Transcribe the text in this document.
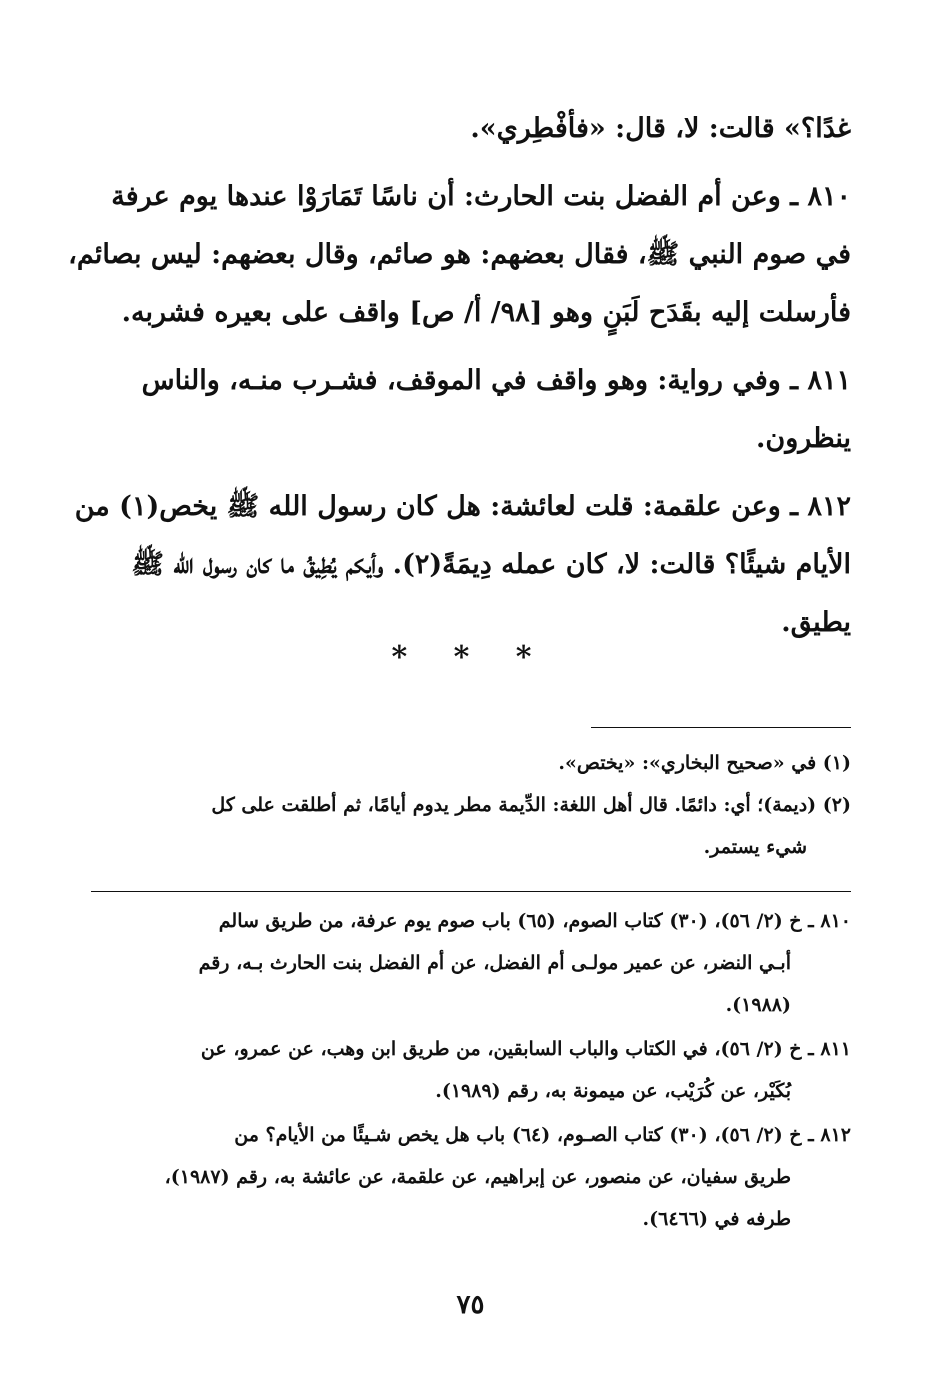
غدًا؟» قالت: لا، قال: «فأفْطِري».

٨١٠ ـ وعن أم الفضل بنت الحارث: أن ناسًا تَمَارَوْا عندها يوم عرفة
في صوم النبي ﷺ، فقال بعضهم: هو صائم، وقال بعضهم: ليس بصائم،
فأرسلت إليه بقَدَح لَبَنٍ وهو [٩٨/ أ/ ص] واقف على بعيره فشربه.

٨١١ ـ وفي رواية: وهو واقف في الموقف، فشـرب منـه، والناس
ينظرون.

٨١٢ ـ وعن علقمة: قلت لعائشة: هل كان رسول الله ﷺ يخص(١) من
الأيام شيئًا؟ قالت: لا، كان عمله دِيمَةً(٢). وأيكم يُطِيقُ ما كان رسول الله ﷺ
يطيق.

* * *
(١) في «صحيح البخاري»: «يختص».
(٢) (ديمة)؛ أي: دائمًا. قال أهل اللغة: الدِّيمة مطر يدوم أيامًا، ثم أطلقت على كل
شيء يستمر.
٨١٠ ـ خ (٢/ ٥٦)، (٣٠) كتاب الصوم، (٦٥) باب صوم يوم عرفة، من طريق سالم
أبـي النضر، عن عمير مولـى أم الفضل، عن أم الفضل بنت الحارث بـه، رقم
(١٩٨٨).
٨١١ ـ خ (٢/ ٥٦)، في الكتاب والباب السابقين، من طريق ابن وهب، عن عمرو، عن
بُكَيْر، عن كُرَيْب، عن ميمونة به، رقم (١٩٨٩).
٨١٢ ـ خ (٢/ ٥٦)، (٣٠) كتاب الصـوم، (٦٤) باب هل يخص شـيئًا من الأيام؟ من
طريق سفيان، عن منصور، عن إبراهيم، عن علقمة، عن عائشة به، رقم (١٩٨٧)،
طرفه في (٦٤٦٦).
٧٥
